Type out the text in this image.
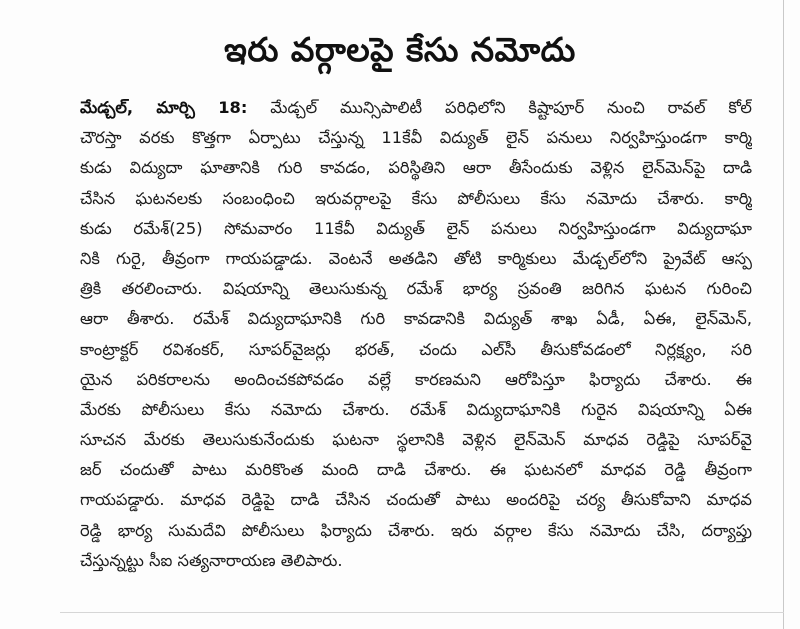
ఇరు వర్గాలపై కేసు నమోదు
మేడ్చల్, మార్చి 18: మేడ్చల్ మున్సిపాలిటీ పరిధిలోని కిష్టాపూర్ నుంచి రావల్ కోల్
చౌరస్తా వరకు కొత్తగా ఏర్పాటు చేస్తున్న 11కేవీ విద్యుత్ లైన్ పనులు నిర్వహిస్తుండగా కార్మి
కుడు విద్యుదా ఘాతానికి గురి కావడం, పరిస్థితిని ఆరా తీసేందుకు వెళ్లిన లైన్‌మెన్‌పై దాడి
చేసిన ఘటనలకు సంబంధించి ఇరువర్గాలపై కేసు పోలీసులు కేసు నమోదు చేశారు. కార్మి
కుడు రమేశ్(25) సోమవారం 11కేవీ విద్యుత్ లైన్ పనులు నిర్వహిస్తుండగా విద్యుదాఘా
నికి గురై, తీవ్రంగా గాయపడ్డాడు. వెంటనే అతడిని తోటి కార్మికులు మేడ్చల్‌లోని ప్రైవేట్ ఆస్ప
త్రికి తరలించారు. విషయాన్ని తెలుసుకున్న రమేశ్ భార్య స్రవంతి జరిగిన ఘటన గురించి
ఆరా తీశారు. రమేశ్ విద్యుదాఘానికి గురి కావడానికి విద్యుత్ శాఖ ఏడీ, ఏఈ, లైన్‌మెన్,
కాంట్రాక్టర్ రవిశంకర్, సూపర్‌వైజర్లు భరత్, చందు ఎల్‌సీ తీసుకోవడంలో నిర్లక్ష్యం, సరి
యైన పరికరాలను అందించకపోవడం వల్లే కారణమని ఆరోపిస్తూ ఫిర్యాదు చేశారు. ఈ
మేరకు పోలీసులు కేసు నమోదు చేశారు. రమేశ్ విద్యుదాఘానికి గురైన విషయాన్ని ఏఈ
సూచన మేరకు తెలుసుకునేందుకు ఘటనా స్థలానికి వెళ్లిన లైన్‌మెన్ మాధవ రెడ్డిపై సూపర్‌వై
జర్ చందుతో పాటు మరికొంత మంది దాడి చేశారు. ఈ ఘటనలో మాధవ రెడ్డి తీవ్రంగా
గాయపడ్డారు. మాధవ రెడ్డిపై దాడి చేసిన చందుతో పాటు అందరిపై చర్య తీసుకోవాని మాధవ
రెడ్డి భార్య సుమదేవి పోలీసులు ఫిర్యాదు చేశారు. ఇరు వర్గాల కేసు నమోదు చేసి, దర్యాప్తు
చేస్తున్నట్టు సీఐ సత్యనారాయణ తెలిపారు.
